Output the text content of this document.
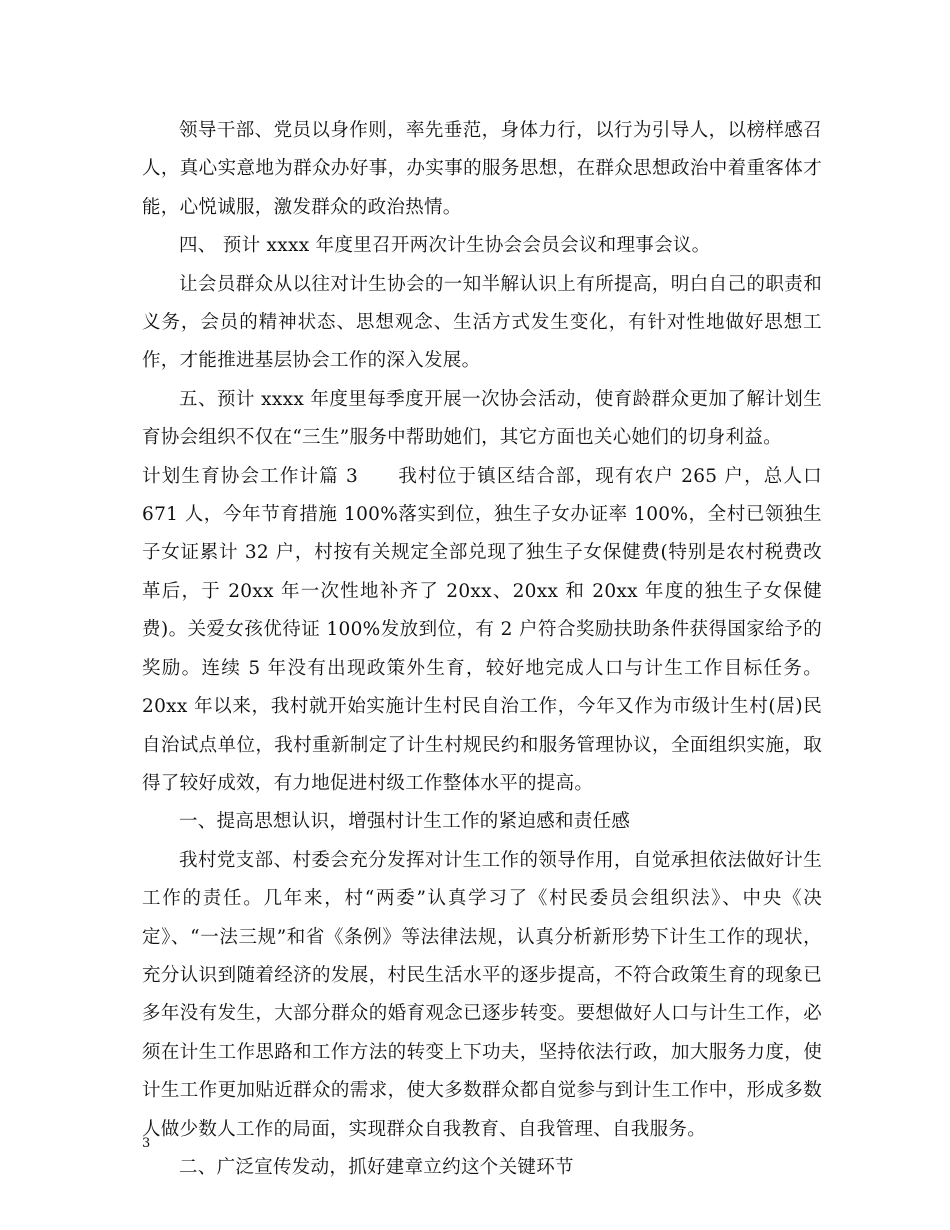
领导干部、党员以身作则，率先垂范，身体力行，以行为引导人，以榜样感召人，真心实意地为群众办好事，办实事的服务思想，在群众思想政治中着重客体才能，心悦诚服，激发群众的政治热情。

四、 预计 xxxx 年度里召开两次计生协会会员会议和理事会议。

让会员群众从以往对计生协会的一知半解认识上有所提高，明白自己的职责和义务，会员的精神状态、思想观念、生活方式发生变化，有针对性地做好思想工作，才能推进基层协会工作的深入发展。

五、预计 xxxx 年度里每季度开展一次协会活动，使育龄群众更加了解计划生育协会组织不仅在“三生”服务中帮助她们，其它方面也关心她们的切身利益。

计划生育协会工作计篇 3　　我村位于镇区结合部，现有农户 265 户，总人口 671 人，今年节育措施 100%落实到位，独生子女办证率 100%，全村已领独生子女证累计 32 户，村按有关规定全部兑现了独生子女保健费(特别是农村税费改革后，于 20xx 年一次性地补齐了 20xx、20xx 和 20xx 年度的独生子女保健费)。关爱女孩优待证 100%发放到位，有 2 户符合奖励扶助条件获得国家给予的奖励。连续 5 年没有出现政策外生育，较好地完成人口与计生工作目标任务。20xx 年以来，我村就开始实施计生村民自治工作，今年又作为市级计生村(居)民自治试点单位，我村重新制定了计生村规民约和服务管理协议，全面组织实施，取得了较好成效，有力地促进村级工作整体水平的提高。

一、提高思想认识，增强村计生工作的紧迫感和责任感

我村党支部、村委会充分发挥对计生工作的领导作用，自觉承担依法做好计生工作的责任。几年来，村“两委”认真学习了《村民委员会组织法》、中央《决定》、“一法三规”和省《条例》等法律法规，认真分析新形势下计生工作的现状，充分认识到随着经济的发展，村民生活水平的逐步提高，不符合政策生育的现象已多年没有发生，大部分群众的婚育观念已逐步转变。要想做好人口与计生工作，必须在计生工作思路和工作方法的转变上下功夫，坚持依法行政，加大服务力度，使计生工作更加贴近群众的需求，使大多数群众都自觉参与到计生工作中，形成多数人做少数人工作的局面，实现群众自我教育、自我管理、自我服务。

二、广泛宣传发动，抓好建章立约这个关键环节

3
